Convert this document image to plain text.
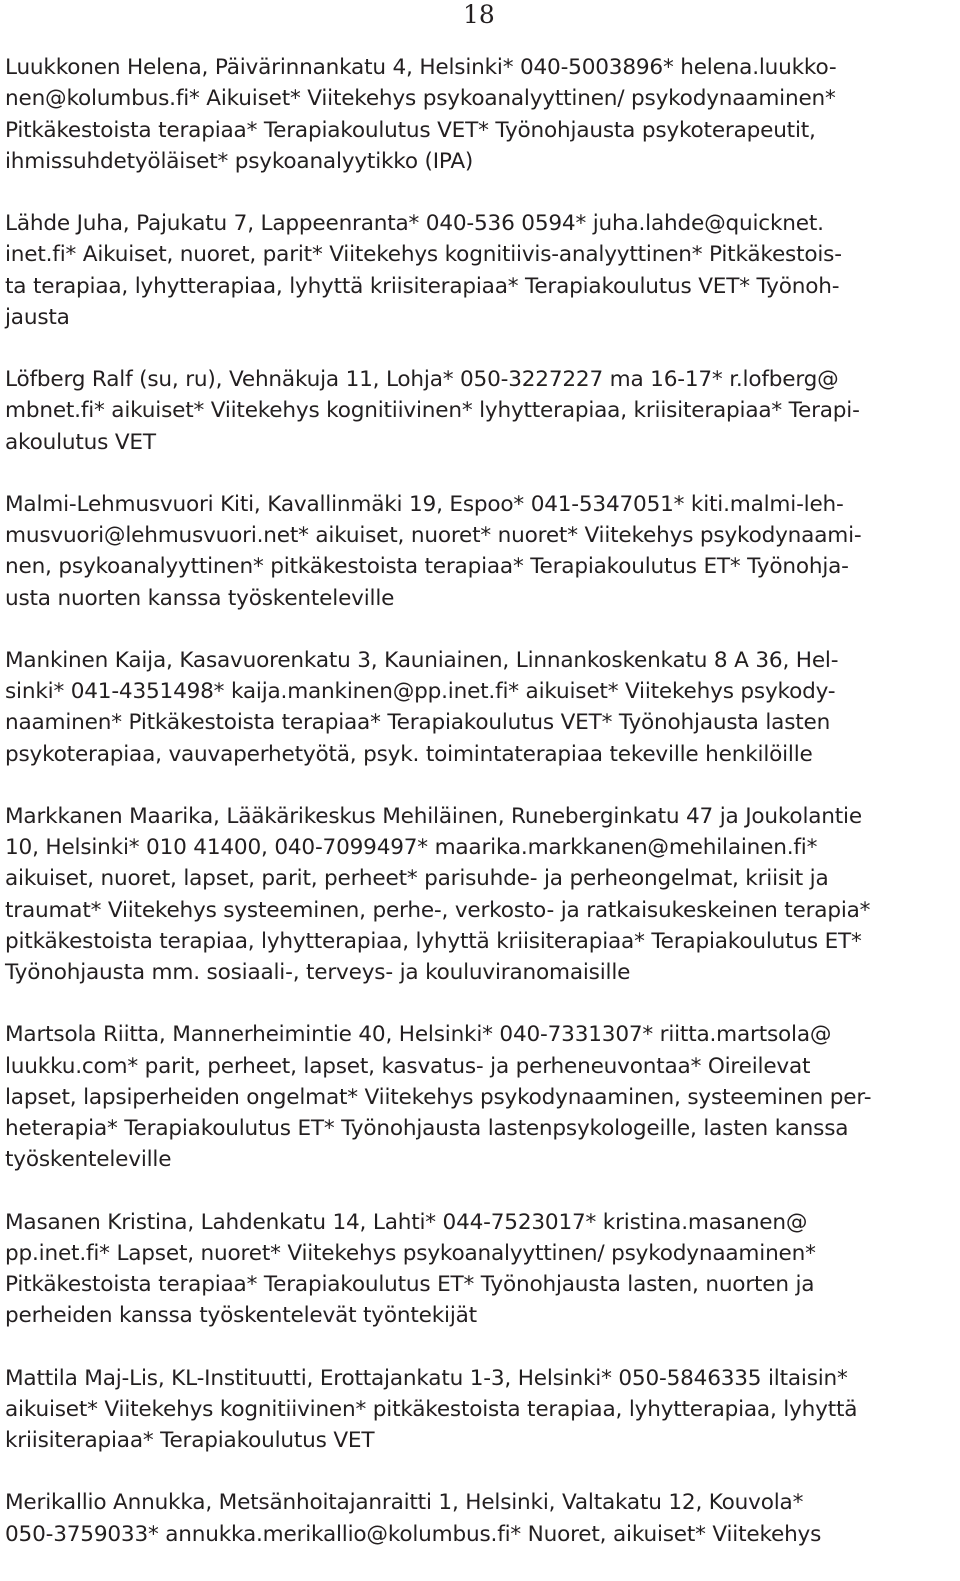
18
Luukkonen Helena, Päivärinnankatu 4, Helsinki* 040-5003896* helena.luukko-
nen@kolumbus.fi* Aikuiset* Viitekehys psykoanalyyttinen/ psykodynaaminen*
Pitkäkestoista terapiaa* Terapiakoulutus VET* Työnohjausta psykoterapeutit,
ihmissuhdetyöläiset* psykoanalyytikko (IPA)
Lähde Juha, Pajukatu 7, Lappeenranta* 040-536 0594* juha.lahde@quicknet.
inet.fi* Aikuiset, nuoret, parit* Viitekehys kognitiivis-analyyttinen* Pitkäkestois-
ta terapiaa, lyhytterapiaa, lyhyttä kriisiterapiaa* Terapiakoulutus VET* Työnoh-
jausta
Löfberg Ralf (su, ru), Vehnäkuja 11, Lohja* 050-3227227 ma 16-17* r.lofberg@
mbnet.fi* aikuiset* Viitekehys kognitiivinen* lyhytterapiaa, kriisiterapiaa* Terapi-
akoulutus VET
Malmi-Lehmusvuori Kiti, Kavallinmäki 19, Espoo* 041-5347051* kiti.malmi-leh-
musvuori@lehmusvuori.net* aikuiset, nuoret* nuoret* Viitekehys psykodynaami-
nen, psykoanalyyttinen* pitkäkestoista terapiaa* Terapiakoulutus ET* Työnohja-
usta nuorten kanssa työskenteleville
Mankinen Kaija, Kasavuorenkatu 3, Kauniainen, Linnankoskenkatu 8 A 36, Hel-
sinki* 041-4351498* kaija.mankinen@pp.inet.fi* aikuiset* Viitekehys psykody-
naaminen* Pitkäkestoista terapiaa* Terapiakoulutus VET* Työnohjausta lasten
psykoterapiaa, vauvaperhetyötä, psyk. toimintaterapiaa tekeville henkilöille
Markkanen Maarika, Lääkärikeskus Mehiläinen, Runeberginkatu 47 ja Joukolantie
10, Helsinki* 010 41400, 040-7099497* maarika.markkanen@mehilainen.fi*
aikuiset, nuoret, lapset, parit, perheet* parisuhde- ja perheongelmat, kriisit ja
traumat* Viitekehys systeeminen, perhe-, verkosto- ja ratkaisukeskeinen terapia*
pitkäkestoista terapiaa, lyhytterapiaa, lyhyttä kriisiterapiaa* Terapiakoulutus ET*
Työnohjausta mm. sosiaali-, terveys- ja kouluviranomaisille
Martsola Riitta, Mannerheimintie 40, Helsinki* 040-7331307* riitta.martsola@
luukku.com* parit, perheet, lapset, kasvatus- ja perheneuvontaa* Oireilevat
lapset, lapsiperheiden ongelmat* Viitekehys psykodynaaminen, systeeminen per-
heterapia* Terapiakoulutus ET* Työnohjausta lastenpsykologeille, lasten kanssa
työskenteleville
Masanen Kristina, Lahdenkatu 14, Lahti* 044-7523017* kristina.masanen@
pp.inet.fi* Lapset, nuoret* Viitekehys psykoanalyyttinen/ psykodynaaminen*
Pitkäkestoista terapiaa* Terapiakoulutus ET* Työnohjausta lasten, nuorten ja
perheiden kanssa työskentelevät työntekijät
Mattila Maj-Lis, KL-Instituutti, Erottajankatu 1-3, Helsinki* 050-5846335 iltaisin*
aikuiset* Viitekehys kognitiivinen* pitkäkestoista terapiaa, lyhytterapiaa, lyhyttä
kriisiterapiaa* Terapiakoulutus VET
Merikallio Annukka, Metsänhoitajanraitti 1, Helsinki, Valtakatu 12, Kouvola*
050-3759033* annukka.merikallio@kolumbus.fi* Nuoret, aikuiset* Viitekehys
